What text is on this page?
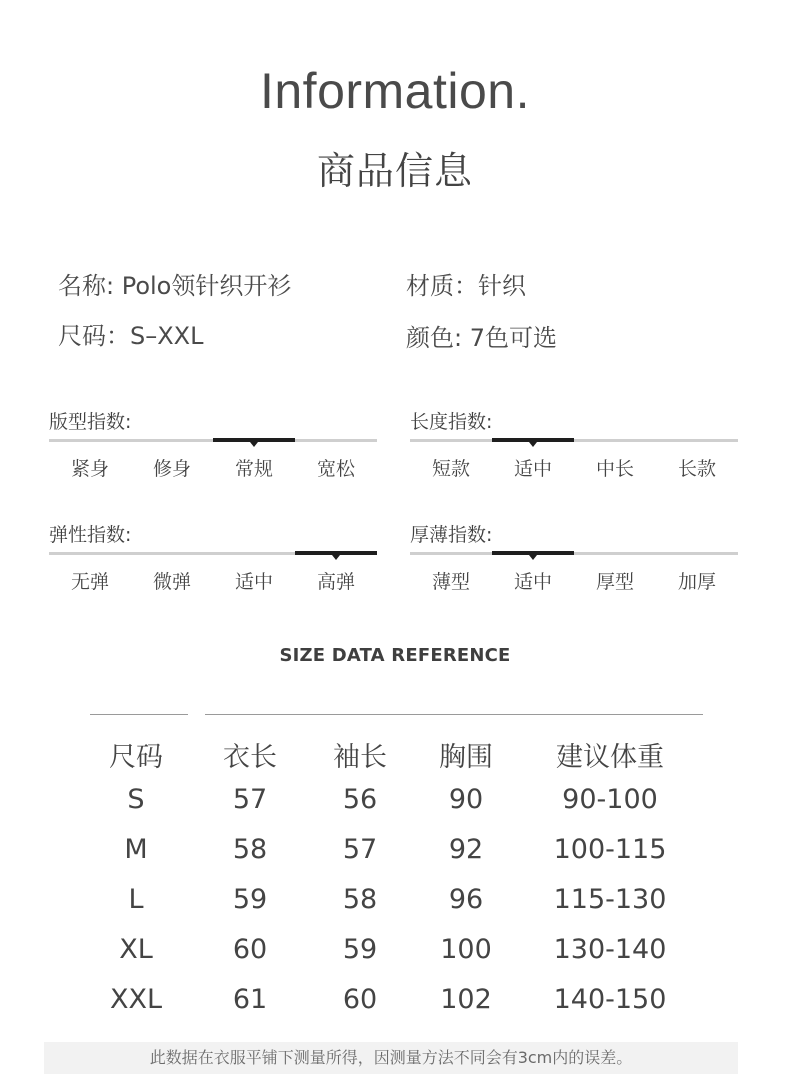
Information.
商品信息
名称: Polo领针织开衫	材质：针织
尺码：S–XXL	颜色: 7色可选
版型指数:
紧身	修身	常规	宽松
长度指数:
短款	适中	中长	长款
弹性指数:
无弹	微弹	适中	高弹
厚薄指数:
薄型	适中	厚型	加厚
SIZE DATA REFERENCE
尺码	衣长	袖长	胸围	建议体重
S	57	56	90	90-100
M	58	57	92	100-115
L	59	58	96	115-130
XL	60	59	100	130-140
XXL	61	60	102	140-150
此数据在衣服平铺下测量所得，因测量方法不同会有3cm内的误差。
